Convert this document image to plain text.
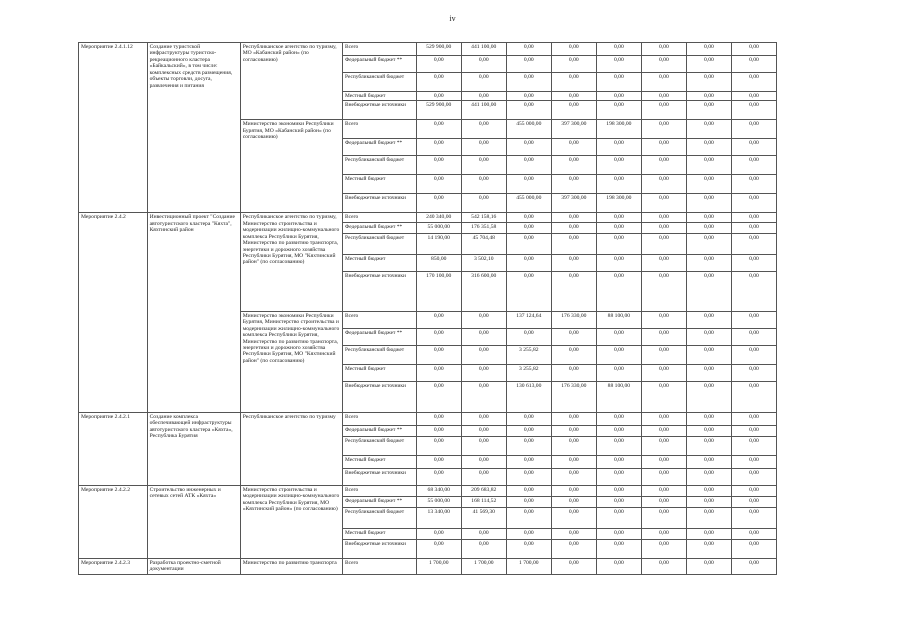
iv
Мероприятие 2.4.1.12	Создание туристской инфраструктуры туристско-рекреационного кластера «Байкальский», в том числе: комплексных средств размещения, объекты торговли, досуга, развлечения и питания	Республиканское агентство по туризму, МО «Кабанский район» (по согласованию)	Всего	529 900,00	441 100,00	0,00	0,00	0,00	0,00	0,00	0,00
			Федеральный бюджет **	0,00	0,00	0,00	0,00	0,00	0,00	0,00	0,00
			Республиканский бюджет	0,00	0,00	0,00	0,00	0,00	0,00	0,00	0,00
			Местный бюджет	0,00	0,00	0,00	0,00	0,00	0,00	0,00	0,00
			Внебюджетные источники	529 900,00	441 100,00	0,00	0,00	0,00	0,00	0,00	0,00
		Министерство экономики Республики Бурятия, МО «Кабанский район» (по согласованию)	Всего	0,00	0,00	455 000,00	397 300,00	198 300,00	0,00	0,00	0,00
			Федеральный бюджет **	0,00	0,00	0,00	0,00	0,00	0,00	0,00	0,00
			Республиканский бюджет	0,00	0,00	0,00	0,00	0,00	0,00	0,00	0,00
			Местный бюджет	0,00	0,00	0,00	0,00	0,00	0,00	0,00	0,00
			Внебюджетные источники	0,00	0,00	455 000,00	397 300,00	198 300,00	0,00	0,00	0,00
Мероприятие 2.4.2	Инвестиционный проект "Создание автотуристского кластера "Кяхта", Кяхтинский район	Республиканское агентство по туризму, Министерство строительства и модернизации жилищно-коммунального комплекса Республики Бурятия, Министерство по развитию транспорта, энергетики и дорожного хозяйства Республики Бурятия, МО "Кяхтинский район" (по согласованию)	Всего	240 340,00	542 158,16	0,00	0,00	0,00	0,00	0,00	0,00
			Федеральный бюджет **	55 000,00	176 351,58	0,00	0,00	0,00	0,00	0,00	0,00
			Республиканский бюджет	14 190,00	45 704,48	0,00	0,00	0,00	0,00	0,00	0,00
			Местный бюджет	850,00	3 502,10	0,00	0,00	0,00	0,00	0,00	0,00
			Внебюджетные источники	170 100,00	316 600,00	0,00	0,00	0,00	0,00	0,00	0,00
		Министерство экономики Республики Бурятия, Министерство строительства и модернизации жилищно-коммунального комплекса Республики Бурятия, Министерство по развитию транспорта, энергетики и дорожного хозяйства Республики Бурятия, МО "Кяхтинский район" (по согласованию)	Всего	0,00	0,00	137 124,64	176 330,00	88 100,00	0,00	0,00	0,00
			Федеральный бюджет **	0,00	0,00	0,00	0,00	0,00	0,00	0,00	0,00
			Республиканский бюджет	0,00	0,00	3 255,82	0,00	0,00	0,00	0,00	0,00
			Местный бюджет	0,00	0,00	3 255,82	0,00	0,00	0,00	0,00	0,00
			Внебюджетные источники	0,00	0,00	130 613,00	176 330,00	88 100,00	0,00	0,00	0,00
Мероприятие 2.4.2.1	Создание комплекса обеспечивающей инфраструктуры автотуристского кластера «Кяхта», Республика Бурятия	Республиканское агентство по туризму	Всего	0,00	0,00	0,00	0,00	0,00	0,00	0,00	0,00
			Федеральный бюджет **	0,00	0,00	0,00	0,00	0,00	0,00	0,00	0,00
			Республиканский бюджет	0,00	0,00	0,00	0,00	0,00	0,00	0,00	0,00
			Местный бюджет	0,00	0,00	0,00	0,00	0,00	0,00	0,00	0,00
			Внебюджетные источники	0,00	0,00	0,00	0,00	0,00	0,00	0,00	0,00
Мероприятие 2.4.2.2	Строительство инженерных и сетевых сетей АТК «Кяхта»	Министерство строительства и модернизации жилищно-коммунального комплекса Республики Бурятия, МО «Кяхтинский район» (по согласованию)	Всего	68 340,00	209 683,82	0,00	0,00	0,00	0,00	0,00	0,00
			Федеральный бюджет **	55 000,00	168 114,52	0,00	0,00	0,00	0,00	0,00	0,00
			Республиканский бюджет	13 340,00	41 569,30	0,00	0,00	0,00	0,00	0,00	0,00
			Местный бюджет	0,00	0,00	0,00	0,00	0,00	0,00	0,00	0,00
			Внебюджетные источники	0,00	0,00	0,00	0,00	0,00	0,00	0,00	0,00
Мероприятие 2.4.2.3	Разработка проектно-сметной документации	Министерство по развитию транспорта	Всего	1 700,00	1 700,00	1 700,00	0,00	0,00	0,00	0,00	0,00
